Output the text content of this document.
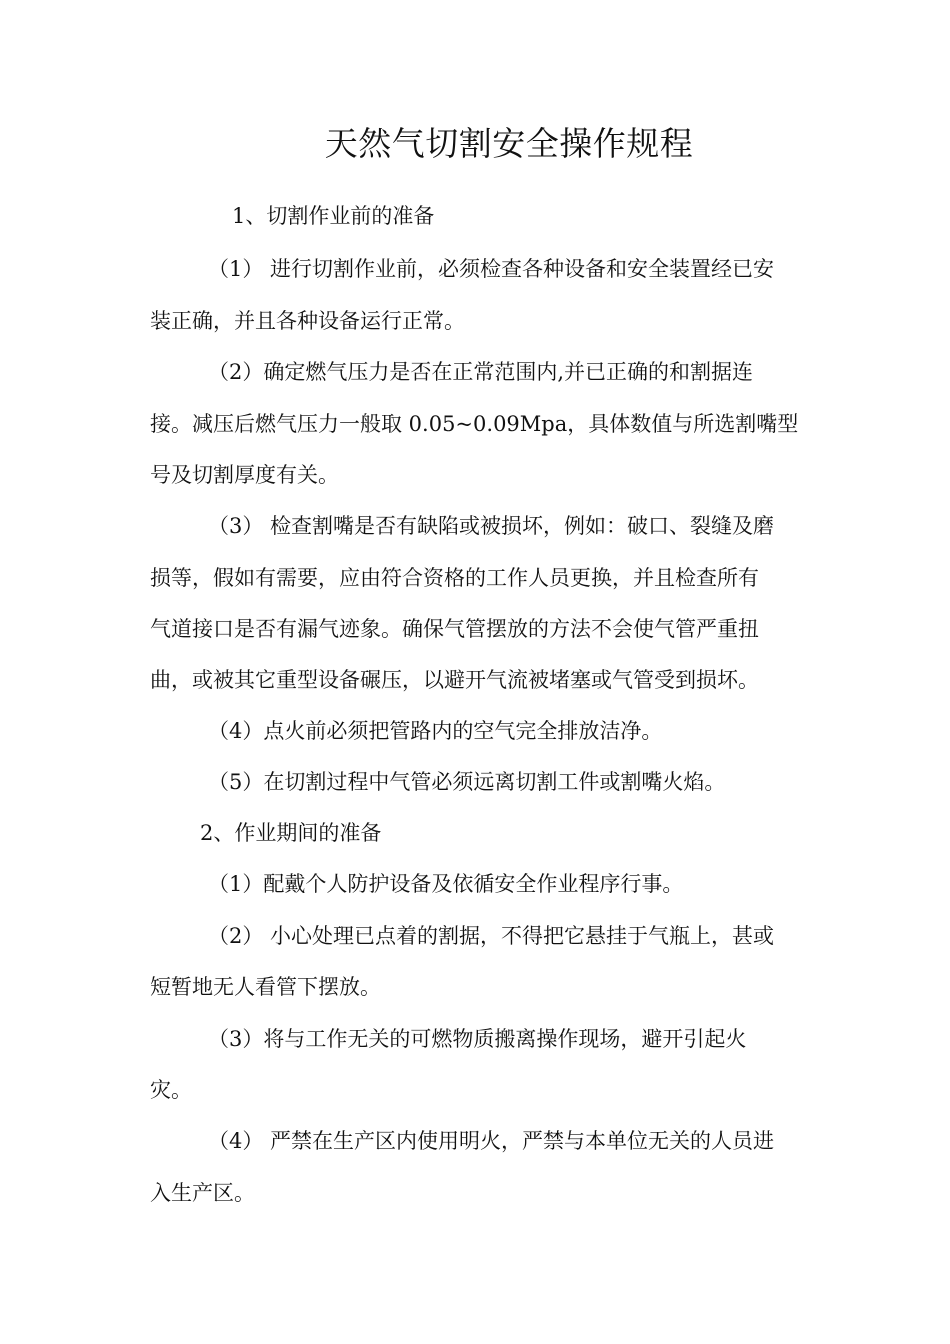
天然气切割安全操作规程
1、切割作业前的准备
（1） 进行切割作业前，必须检查各种设备和安全装置经已安
装正确，并且各种设备运行正常。
（2）确定燃气压力是否在正常范围内,并已正确的和割据连
接。减压后燃气压力一般取 0.05~0.09Mpa，具体数值与所选割嘴型
号及切割厚度有关。
（3） 检查割嘴是否有缺陷或被损坏，例如：破口、裂缝及磨
损等，假如有需要，应由符合资格的工作人员更换，并且检查所有
气道接口是否有漏气迹象。确保气管摆放的方法不会使气管严重扭
曲，或被其它重型设备碾压，以避开气流被堵塞或气管受到损坏。
（4）点火前必须把管路内的空气完全排放洁净。
（5）在切割过程中气管必须远离切割工件或割嘴火焰。
2、作业期间的准备
（1）配戴个人防护设备及依循安全作业程序行事。
（2） 小心处理已点着的割据，不得把它悬挂于气瓶上，甚或
短暂地无人看管下摆放。
（3）将与工作无关的可燃物质搬离操作现场，避开引起火
灾。
（4） 严禁在生产区内使用明火，严禁与本单位无关的人员进
入生产区。
